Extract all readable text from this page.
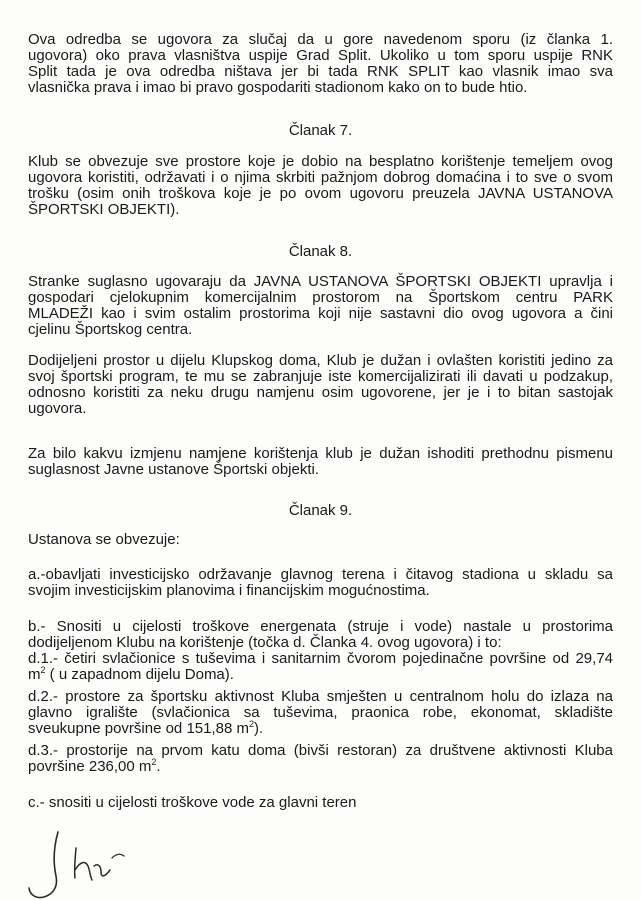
Ova odredba se ugovora za slučaj da u gore navedenom sporu (iz članka 1.
ugovora) oko prava vlasništva uspije Grad Split. Ukoliko u tom sporu uspije RNK
Split tada je ova odredba ništava jer bi tada RNK SPLIT kao vlasnik imao sva
vlasnička prava i imao bi pravo gospodariti stadionom kako on to bude htio.
Članak 7.
Klub se obvezuje sve prostore koje je dobio na besplatno korištenje temeljem ovog
ugovora koristiti, održavati i o njima skrbiti pažnjom dobrog domaćina i to sve o svom
trošku (osim onih troškova koje je po ovom ugovoru preuzela JAVNA USTANOVA
ŠPORTSKI OBJEKTI).
Članak 8.
Stranke suglasno ugovaraju da JAVNA USTANOVA ŠPORTSKI OBJEKTI upravlja i
gospodari cjelokupnim komercijalnim prostorom na Športskom centru PARK
MLADEŽI kao i svim ostalim prostorima koji nije sastavni dio ovog ugovora a čini
cjelinu Športskog centra.
Dodijeljeni prostor u dijelu Klupskog doma, Klub je dužan i ovlašten koristiti jedino za
svoj športski program, te mu se zabranjuje iste komercijalizirati ili davati u podzakup,
odnosno koristiti za neku drugu namjenu osim ugovorene, jer je i to bitan sastojak
ugovora.
Za bilo kakvu izmjenu namjene korištenja klub je dužan ishoditi prethodnu pismenu
suglasnost Javne ustanove Športski objekti.
Članak 9.
Ustanova se obvezuje:
a.-obavljati investicijsko održavanje glavnog terena i čitavog stadiona u skladu sa
svojim investicijskim planovima i financijskim mogućnostima.
b.- Snositi u cijelosti troškove energenata (struje i vode) nastale u prostorima
dodijeljenom Klubu na korištenje (točka d. Članka 4. ovog ugovora) i to:
d.1.- četiri svlačionice s tuševima i sanitarnim čvorom pojedinačne površine od 29,74
$m^2$ ( u zapadnom dijelu Doma).
d.2.- prostore za športsku aktivnost Kluba smješten u centralnom holu do izlaza na
glavno igralište (svlačionica sa tuševima, praonica robe, ekonomat, skladište
sveukupne površine od 151,88 $m^2$).
d.3.- prostorije na prvom katu doma (bivši restoran) za društvene aktivnosti Kluba
površine 236,00 $m^2$.
c.- snositi u cijelosti troškove vode za glavni teren
